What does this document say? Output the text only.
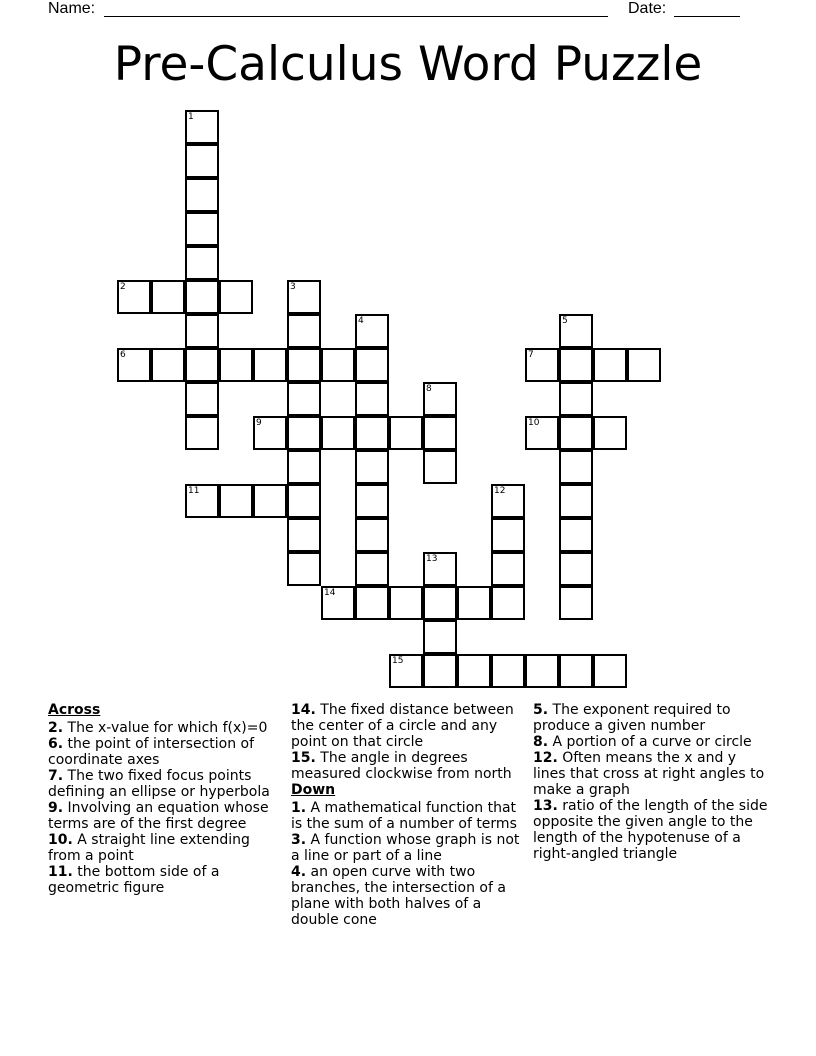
Name:	Date:
Pre-Calculus Word Puzzle
1
2	3
4	5
6	7
8
9	10
11	12
13
14
15
Across
2. The x-value for which f(x)=0
6. the point of intersection of coordinate axes
7. The two fixed focus points defining an ellipse or hyperbola
9. Involving an equation whose terms are of the first degree
10. A straight line extending from a point
11. the bottom side of a geometric figure
14. The fixed distance between the center of a circle and any point on that circle
15. The angle in degrees measured clockwise from north
Down
1. A mathematical function that is the sum of a number of terms
3. A function whose graph is not a line or part of a line
4. an open curve with two branches, the intersection of a plane with both halves of a double cone
5. The exponent required to produce a given number
8. A portion of a curve or circle
12. Often means the x and y lines that cross at right angles to make a graph
13. ratio of the length of the side opposite the given angle to the length of the hypotenuse of a right-angled triangle
